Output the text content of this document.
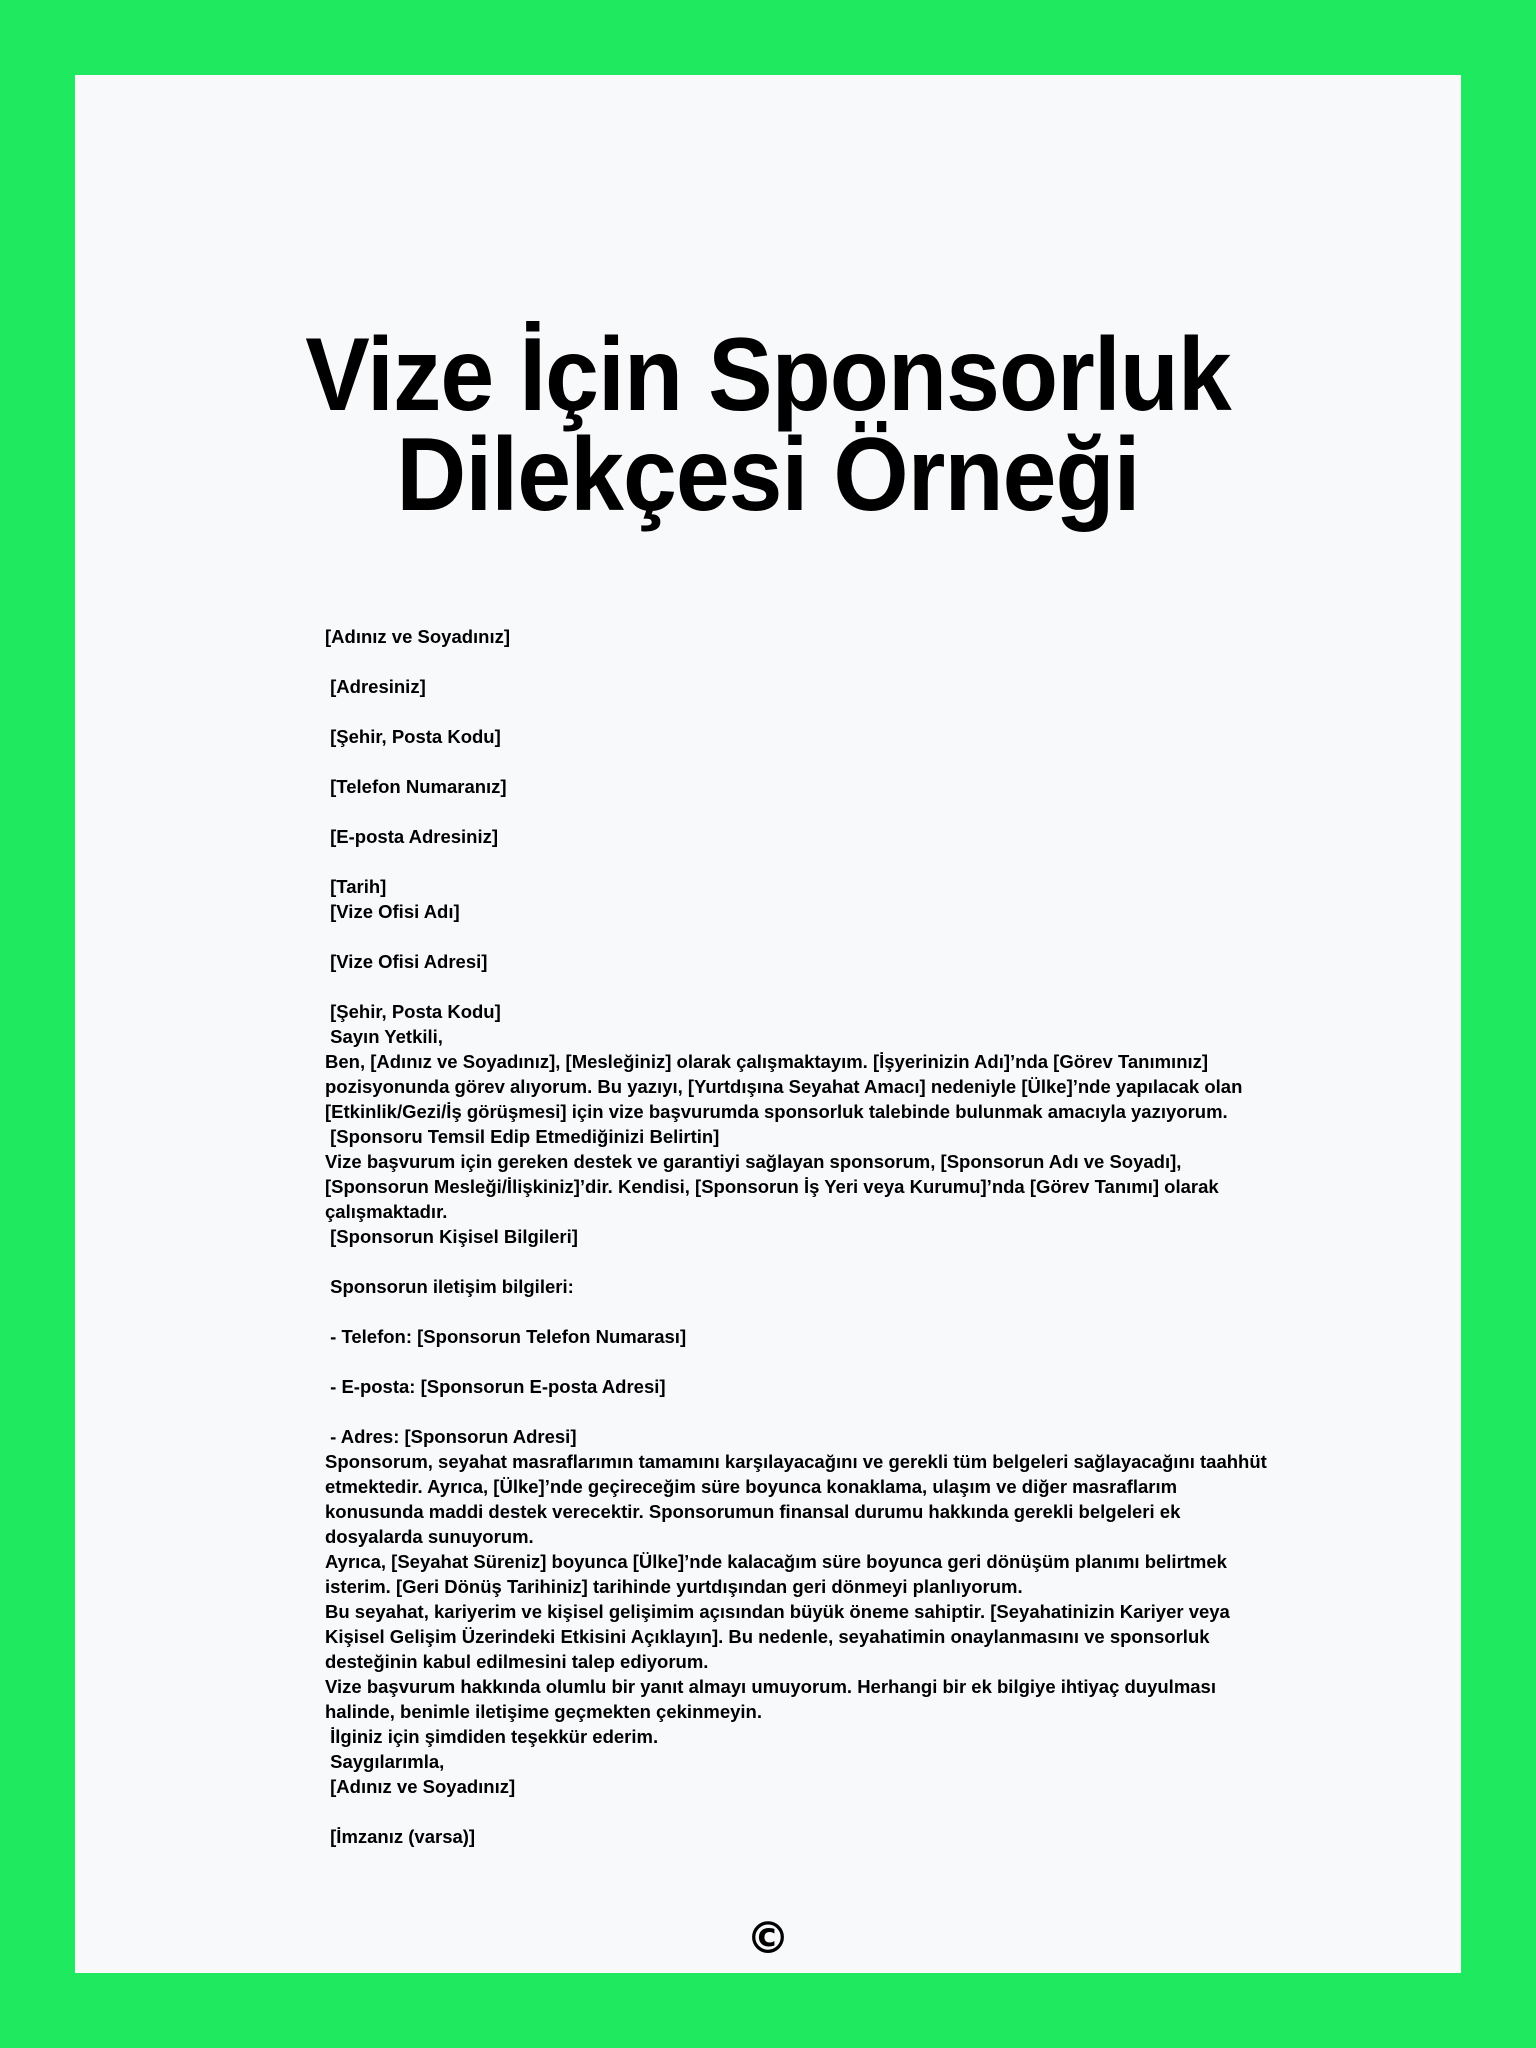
Vize İçin Sponsorluk
Dilekçesi Örneği
[Adınız ve Soyadınız]
[Adresiniz]
[Şehir, Posta Kodu]
[Telefon Numaranız]
[E-posta Adresiniz]
[Tarih]
[Vize Ofisi Adı]
[Vize Ofisi Adresi]
[Şehir, Posta Kodu]
Sayın Yetkili,
Ben, [Adınız ve Soyadınız], [Mesleğiniz] olarak çalışmaktayım. [İşyerinizin Adı]’nda [Görev Tanımınız]
pozisyonunda görev alıyorum. Bu yazıyı, [Yurtdışına Seyahat Amacı] nedeniyle [Ülke]’nde yapılacak olan
[Etkinlik/Gezi/İş görüşmesi] için vize başvurumda sponsorluk talebinde bulunmak amacıyla yazıyorum.
[Sponsoru Temsil Edip Etmediğinizi Belirtin]
Vize başvurum için gereken destek ve garantiyi sağlayan sponsorum, [Sponsorun Adı ve Soyadı],
[Sponsorun Mesleği/İlişkiniz]’dir. Kendisi, [Sponsorun İş Yeri veya Kurumu]’nda [Görev Tanımı] olarak
çalışmaktadır.
[Sponsorun Kişisel Bilgileri]
Sponsorun iletişim bilgileri:
- Telefon: [Sponsorun Telefon Numarası]
- E-posta: [Sponsorun E-posta Adresi]
- Adres: [Sponsorun Adresi]
Sponsorum, seyahat masraflarımın tamamını karşılayacağını ve gerekli tüm belgeleri sağlayacağını taahhüt
etmektedir. Ayrıca, [Ülke]’nde geçireceğim süre boyunca konaklama, ulaşım ve diğer masraflarım
konusunda maddi destek verecektir. Sponsorumun finansal durumu hakkında gerekli belgeleri ek
dosyalarda sunuyorum.
Ayrıca, [Seyahat Süreniz] boyunca [Ülke]’nde kalacağım süre boyunca geri dönüşüm planımı belirtmek
isterim. [Geri Dönüş Tarihiniz] tarihinde yurtdışından geri dönmeyi planlıyorum.
Bu seyahat, kariyerim ve kişisel gelişimim açısından büyük öneme sahiptir. [Seyahatinizin Kariyer veya
Kişisel Gelişim Üzerindeki Etkisini Açıklayın]. Bu nedenle, seyahatimin onaylanmasını ve sponsorluk
desteğinin kabul edilmesini talep ediyorum.
Vize başvurum hakkında olumlu bir yanıt almayı umuyorum. Herhangi bir ek bilgiye ihtiyaç duyulması
halinde, benimle iletişime geçmekten çekinmeyin.
İlginiz için şimdiden teşekkür ederim.
Saygılarımla,
[Adınız ve Soyadınız]
[İmzanız (varsa)]
©
